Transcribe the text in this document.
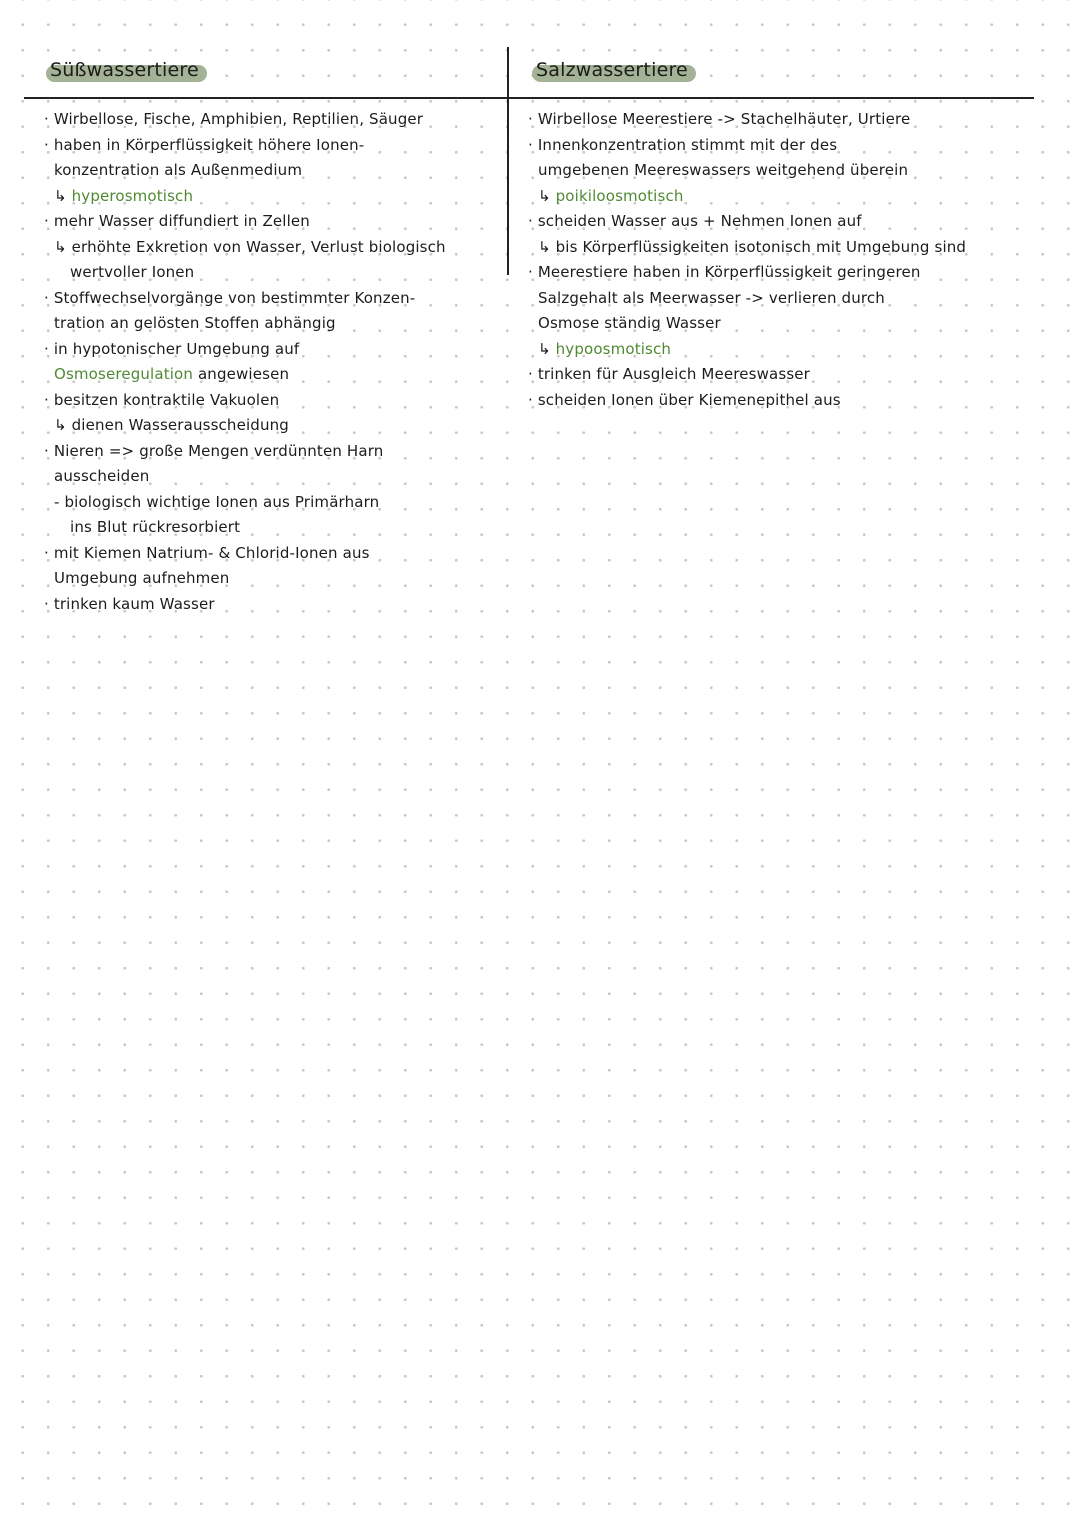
Süßwassertiere	Salzwassertiere
· Wirbellose, Fische, Amphibien, Reptilien, Säuger
· haben in Körperflüssigkeit höhere Ionen-
konzentration als Außenmedium
↳ hyperosmotisch
· mehr Wasser diffundiert in Zellen
↳ erhöhte Exkretion von Wasser, Verlust biologisch
wertvoller Ionen
· Stoffwechselvorgänge von bestimmter Konzen-
tration an gelösten Stoffen abhängig
· in hypotonischer Umgebung auf
Osmoseregulation angewiesen
· besitzen kontraktile Vakuolen
↳ dienen Wasserausscheidung
· Nieren => große Mengen verdünnten Harn
ausscheiden
- biologisch wichtige Ionen aus Primärharn
ins Blut rückresorbiert
· mit Kiemen Natrium- & Chlorid-Ionen aus
Umgebung aufnehmen
· trinken kaum Wasser
· Wirbellose Meerestiere -> Stachelhäuter, Urtiere
· Innenkonzentration stimmt mit der des
umgebenen Meereswassers weitgehend überein
↳ poikiloosmotisch
· scheiden Wasser aus + Nehmen Ionen auf
↳ bis Körperflüssigkeiten isotonisch mit Umgebung sind
· Meerestiere haben in Körperflüssigkeit geringeren
Salzgehalt als Meerwasser -> verlieren durch
Osmose ständig Wasser
↳ hypoosmotisch
· trinken für Ausgleich Meereswasser
· scheiden Ionen über Kiemenepithel aus
